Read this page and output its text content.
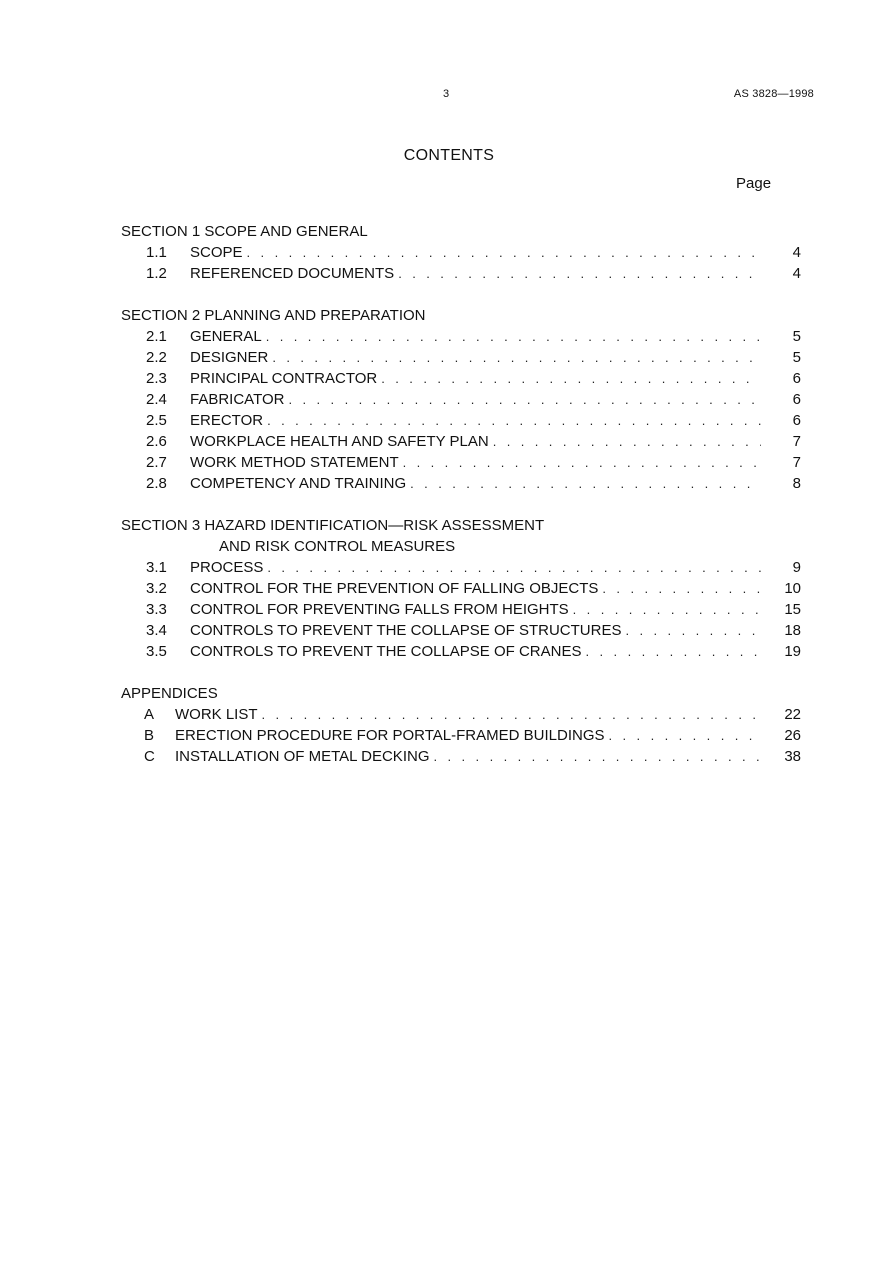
3	AS 3828—1998
CONTENTS
Page
SECTION 1 SCOPE AND GENERAL
1.1	SCOPE . . .	4
1.2	REFERENCED DOCUMENTS . . .	4
SECTION 2 PLANNING AND PREPARATION
2.1	GENERAL . . .	5
2.2	DESIGNER . . .	5
2.3	PRINCIPAL CONTRACTOR . . .	6
2.4	FABRICATOR . . .	6
2.5	ERECTOR . . .	6
2.6	WORKPLACE HEALTH AND SAFETY PLAN . . .	7
2.7	WORK METHOD STATEMENT . . .	7
2.8	COMPETENCY AND TRAINING . . .	8
SECTION 3 HAZARD IDENTIFICATION—RISK ASSESSMENT
AND RISK CONTROL MEASURES
3.1	PROCESS . . .	9
3.2	CONTROL FOR THE PREVENTION OF FALLING OBJECTS . . .	10
3.3	CONTROL FOR PREVENTING FALLS FROM HEIGHTS . . .	15
3.4	CONTROLS TO PREVENT THE COLLAPSE OF STRUCTURES . . .	18
3.5	CONTROLS TO PREVENT THE COLLAPSE OF CRANES . . .	19
APPENDICES
A	WORK LIST . . .	22
B	ERECTION PROCEDURE FOR PORTAL-FRAMED BUILDINGS . . .	26
C	INSTALLATION OF METAL DECKING . . .	38
